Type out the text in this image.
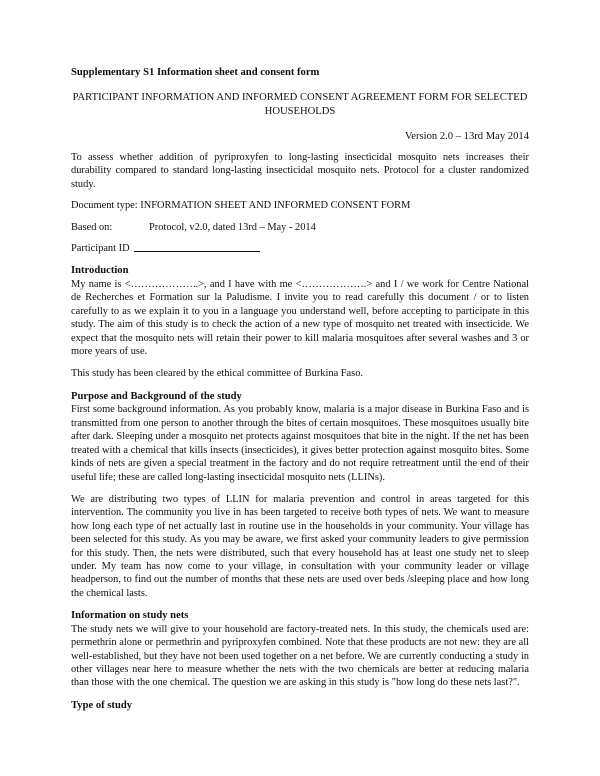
Supplementary S1 Information sheet and consent form

PARTICIPANT INFORMATION AND INFORMED CONSENT AGREEMENT FORM FOR SELECTED HOUSEHOLDS

Version 2.0 – 13rd May 2014

To assess whether addition of pyriproxyfen to long-lasting insecticidal mosquito nets increases their durability compared to standard long-lasting insecticidal mosquito nets. Protocol for a cluster randomized study.

Document type: INFORMATION SHEET AND INFORMED CONSENT FORM

Based on:	Protocol, v2.0, dated 13rd – May - 2014
Participant ID
Introduction

My name is <………………..>, and I have with me <……………….> and I / we work for Centre National de Recherches et Formation sur la Paludisme. I invite you to read carefully this document / or to listen carefully to as we explain it to you in a language you understand well, before accepting to participate in this study. The aim of this study is to check the action of a new type of mosquito net treated with insecticide. We expect that the mosquito nets will retain their power to kill malaria mosquitoes after several washes and 3 or more years of use.

This study has been cleared by the ethical committee of Burkina Faso.

Purpose and Background of the study

First some background information. As you probably know, malaria is a major disease in Burkina Faso and is transmitted from one person to another through the bites of certain mosquitoes. These mosquitoes usually bite after dark. Sleeping under a mosquito net protects against mosquitoes that bite in the night. If the net has been treated with a chemical that kills insects (insecticides), it gives better protection against mosquito bites. Some kinds of nets are given a special treatment in the factory and do not require retreatment until the end of their useful life; these are called long-lasting insecticidal mosquito nets (LLINs).

We are distributing two types of LLIN for malaria prevention and control in areas targeted for this intervention. The community you live in has been targeted to receive both types of nets. We want to measure how long each type of net actually last in routine use in the households in your community. Your village has been selected for this study. As you may be aware, we first asked your community leaders to give permission for this study. Then, the nets were distributed, such that every household has at least one study net to sleep under. My team has now come to your village, in consultation with your community leader or village headperson, to find out the number of months that these nets are used over beds /sleeping place and how long the chemical lasts.

Information on study nets

The study nets we will give to your household are factory-treated nets. In this study, the chemicals used are: permethrin alone or permethrin and pyriproxyfen combined. Note that these products are not new: they are all well-established, but they have not been used together on a net before. We are currently conducting a study in other villages near here to measure whether the nets with the two chemicals are better at reducing malaria than those with the one chemical. The question we are asking in this study is "how long do these nets last?".

Type of study
